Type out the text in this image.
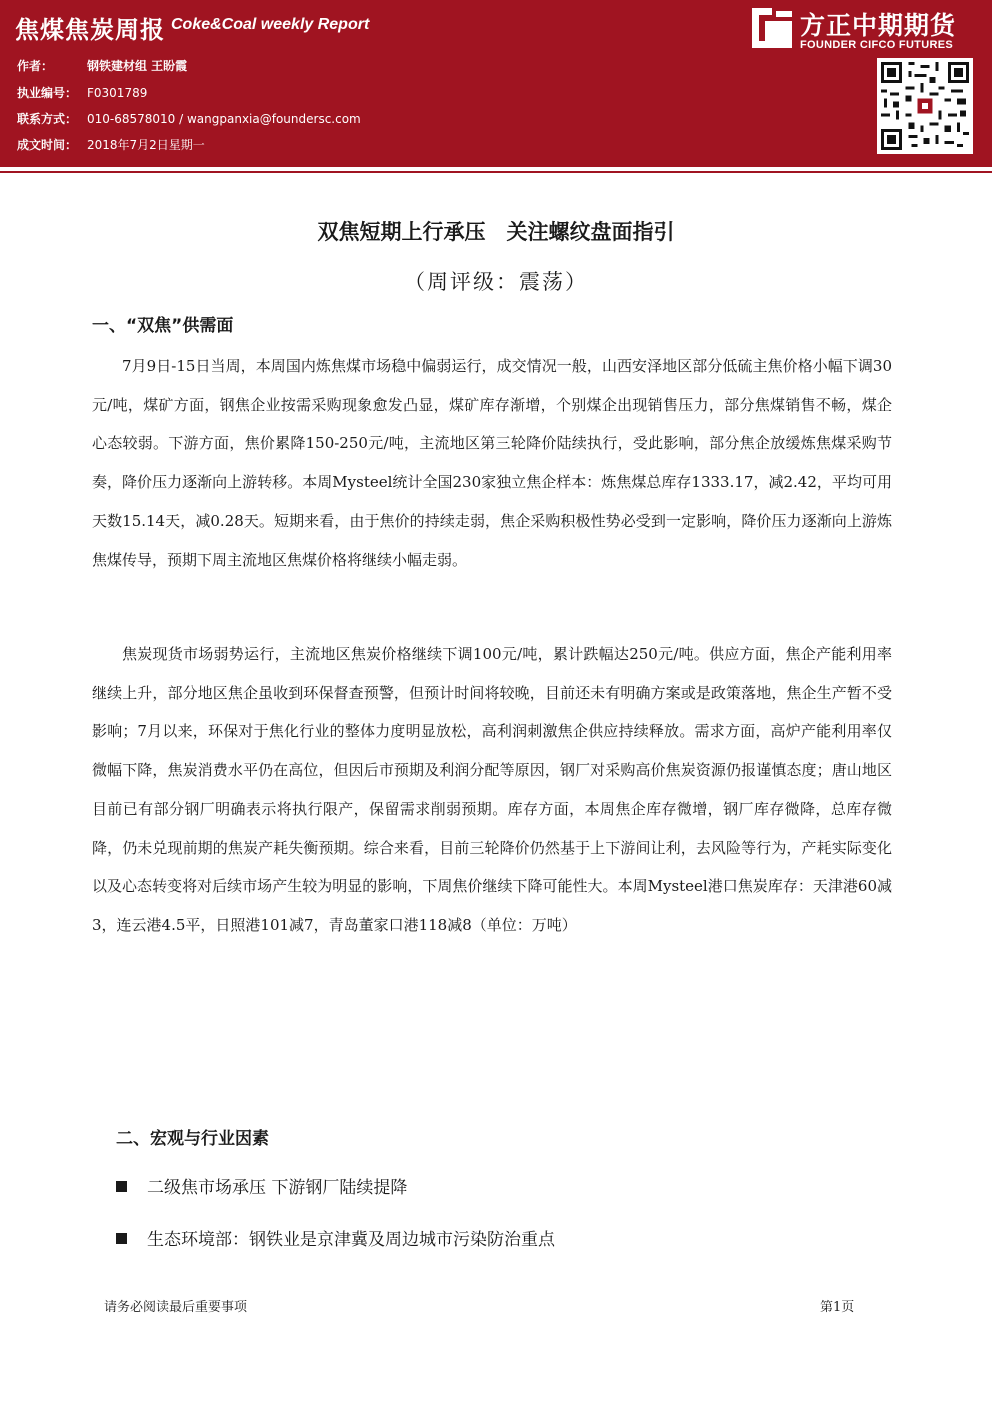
焦煤焦炭周报 Coke&Coal weekly Report
作者：	钢铁建材组 王盼霞
执业编号： F0301789
联系方式： 010-68578010 / wangpanxia@foundersc.com
成文时间： 2018年7月2日星期一
方正中期期货
FOUNDER CIFCO FUTURES
双焦短期上行承压　关注螺纹盘面指引
（周评级：震荡）
一、“双焦”供需面
7月9日-15日当周，本周国内炼焦煤市场稳中偏弱运行，成交情况一般，山西安泽地区部分低硫主焦价格小幅下调30元/吨，煤矿方面，钢焦企业按需采购现象愈发凸显，煤矿库存渐增，个别煤企出现销售压力，部分焦煤销售不畅，煤企心态较弱。下游方面，焦价累降150-250元/吨，主流地区第三轮降价陆续执行，受此影响，部分焦企放缓炼焦煤采购节奏，降价压力逐渐向上游转移。本周Mysteel统计全国230家独立焦企样本：炼焦煤总库存1333.17，减2.42，平均可用天数15.14天，减0.28天。短期来看，由于焦价的持续走弱，焦企采购积极性势必受到一定影响，降价压力逐渐向上游炼焦煤传导，预期下周主流地区焦煤价格将继续小幅走弱。
焦炭现货市场弱势运行，主流地区焦炭价格继续下调100元/吨，累计跌幅达250元/吨。供应方面，焦企产能利用率继续上升，部分地区焦企虽收到环保督查预警，但预计时间将较晚，目前还未有明确方案或是政策落地，焦企生产暂不受影响；7月以来，环保对于焦化行业的整体力度明显放松，高利润刺激焦企供应持续释放。需求方面，高炉产能利用率仅微幅下降，焦炭消费水平仍在高位，但因后市预期及利润分配等原因，钢厂对采购高价焦炭资源仍报谨慎态度；唐山地区目前已有部分钢厂明确表示将执行限产，保留需求削弱预期。库存方面，本周焦企库存微增，钢厂库存微降，总库存微降，仍未兑现前期的焦炭产耗失衡预期。综合来看，目前三轮降价仍然基于上下游间让利，去风险等行为，产耗实际变化以及心态转变将对后续市场产生较为明显的影响，下周焦价继续下降可能性大。本周Mysteel港口焦炭库存：天津港60减3，连云港4.5平，日照港101减7，青岛董家口港118减8（单位：万吨）
二、宏观与行业因素
二级焦市场承压 下游钢厂陆续提降
生态环境部：钢铁业是京津冀及周边城市污染防治重点
请务必阅读最后重要事项	第1页
